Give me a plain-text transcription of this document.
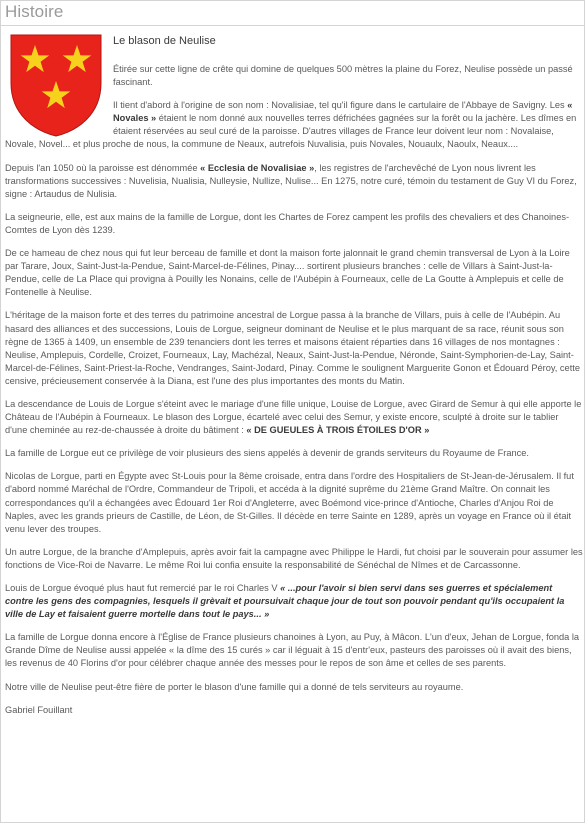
Histoire
Le blason de Neulise

Étirée sur cette ligne de crête qui domine de quelques 500 mètres la plaine du Forez, Neulise possède un passé fascinant.

Il tient d'abord à l'origine de son nom : Novalisiae, tel qu'il figure dans le cartulaire de l'Abbaye de Savigny. Les « Novales » étaient le nom donné aux nouvelles terres défrichées gagnées sur la forêt ou la jachère. Les dîmes en étaient réservées au seul curé de la paroisse. D'autres villages de France leur doivent leur nom : Novalaise, Novale, Novel... et plus proche de nous, la commune de Neaux, autrefois Nuvalisia, puis Novales, Nouaulx, Naoulx, Neaux....

Depuis l'an 1050 où la paroisse est dénommée « Ecclesia de Novalisiae », les registres de l'archevêché de Lyon nous livrent les transformations successives : Nuvelisia, Nualisia, Nulleysie, Nullize, Nulise... En 1275, notre curé, témoin du testament de Guy VI du Forez, signe : Artaudus de Nulisia.

La seigneurie, elle, est aux mains de la famille de Lorgue, dont les Chartes de Forez campent les profils des chevaliers et des Chanoines-Comtes de Lyon dès 1239.

De ce hameau de chez nous qui fut leur berceau de famille et dont la maison forte jalonnait le grand chemin transversal de Lyon à la Loire par Tarare, Joux, Saint-Just-la-Pendue, Saint-Marcel-de-Félines, Pinay.... sortirent plusieurs branches : celle de Villars à Saint-Just-la-Pendue, celle de La Place qui provigna à Pouilly les Nonains, celle de l'Aubépin à Fourneaux, celle de La Goutte à Amplepuis et celle de Fontenelle à Neulise.

L'héritage de la maison forte et des terres du patrimoine ancestral de Lorgue passa à la branche de Villars, puis à celle de l'Aubépin. Au hasard des alliances et des successions, Louis de Lorgue, seigneur dominant de Neulise et le plus marquant de sa race, réunit sous son règne de 1365 à 1409, un ensemble de 239 tenanciers dont les terres et maisons étaient réparties dans 16 villages de nos montagnes : Neulise, Amplepuis, Cordelle, Croizet, Fourneaux, Lay, Machézal, Neaux, Saint-Just-la-Pendue, Néronde, Saint-Symphorien-de-Lay, Saint-Marcel-de-Félines, Saint-Priest-la-Roche, Vendranges, Saint-Jodard, Pinay. Comme le soulignent Marguerite Gonon et Édouard Péroy, cette censive, précieusement conservée à la Diana, est l'une des plus importantes des monts du Matin.

La descendance de Louis de Lorgue s'éteint avec le mariage d'une fille unique, Louise de Lorgue, avec Girard de Semur à qui elle apporte le Château de l'Aubépin à Fourneaux. Le blason des Lorgue, écartelé avec celui des Semur, y existe encore, sculpté à droite sur le tablier d'une cheminée au rez-de-chaussée à droite du bâtiment : « DE GUEULES À TROIS ÉTOILES D'OR »

La famille de Lorgue eut ce privilège de voir plusieurs des siens appelés à devenir de grands serviteurs du Royaume de France.

Nicolas de Lorgue, parti en Égypte avec St-Louis pour la 8ème croisade, entra dans l'ordre des Hospitaliers de St-Jean-de-Jérusalem. Il fut d'abord nommé Maréchal de l'Ordre, Commandeur de Tripoli, et accéda à la dignité suprême du 21ème Grand Maître. On connait les correspondances qu'il a échangées avec Édouard 1er Roi d'Angleterre, avec Boémond vice-prince d'Antioche, Charles d'Anjou Roi de Naples, avec les grands prieurs de Castille, de Léon, de St-Gilles. Il décède en terre Sainte en 1289, après un voyage en France où il était venu lever des troupes.

Un autre Lorgue, de la branche d'Amplepuis, après avoir fait la campagne avec Philippe le Hardi, fut choisi par le souverain pour assumer les fonctions de Vice-Roi de Navarre. Le même Roi lui confia ensuite la responsabilité de Sénéchal de Nîmes et de Carcassonne.

Louis de Lorgue évoqué plus haut fut remercié par le roi Charles V « ...pour l'avoir si bien servi dans ses guerres et spécialement contre les gens des compagnies, lesquels il grèvait et poursuivait chaque jour de tout son pouvoir pendant qu'ils occupaient la ville de Lay et faisaient guerre mortelle dans tout le pays... »

La famille de Lorgue donna encore à l'Église de France plusieurs chanoines à Lyon, au Puy, à Mâcon. L'un d'eux, Jehan de Lorgue, fonda la Grande Dîme de Neulise aussi appelée « la dîme des 15 curés » car il léguait à 15 d'entr'eux, pasteurs des paroisses où il avait des biens, les revenus de 40 Florins d'or pour célébrer chaque année des messes pour le repos de son âme et celles de ses parents.

Notre ville de Neulise peut-être fière de porter le blason d'une famille qui a donné de tels serviteurs au royaume.

Gabriel Fouillant
